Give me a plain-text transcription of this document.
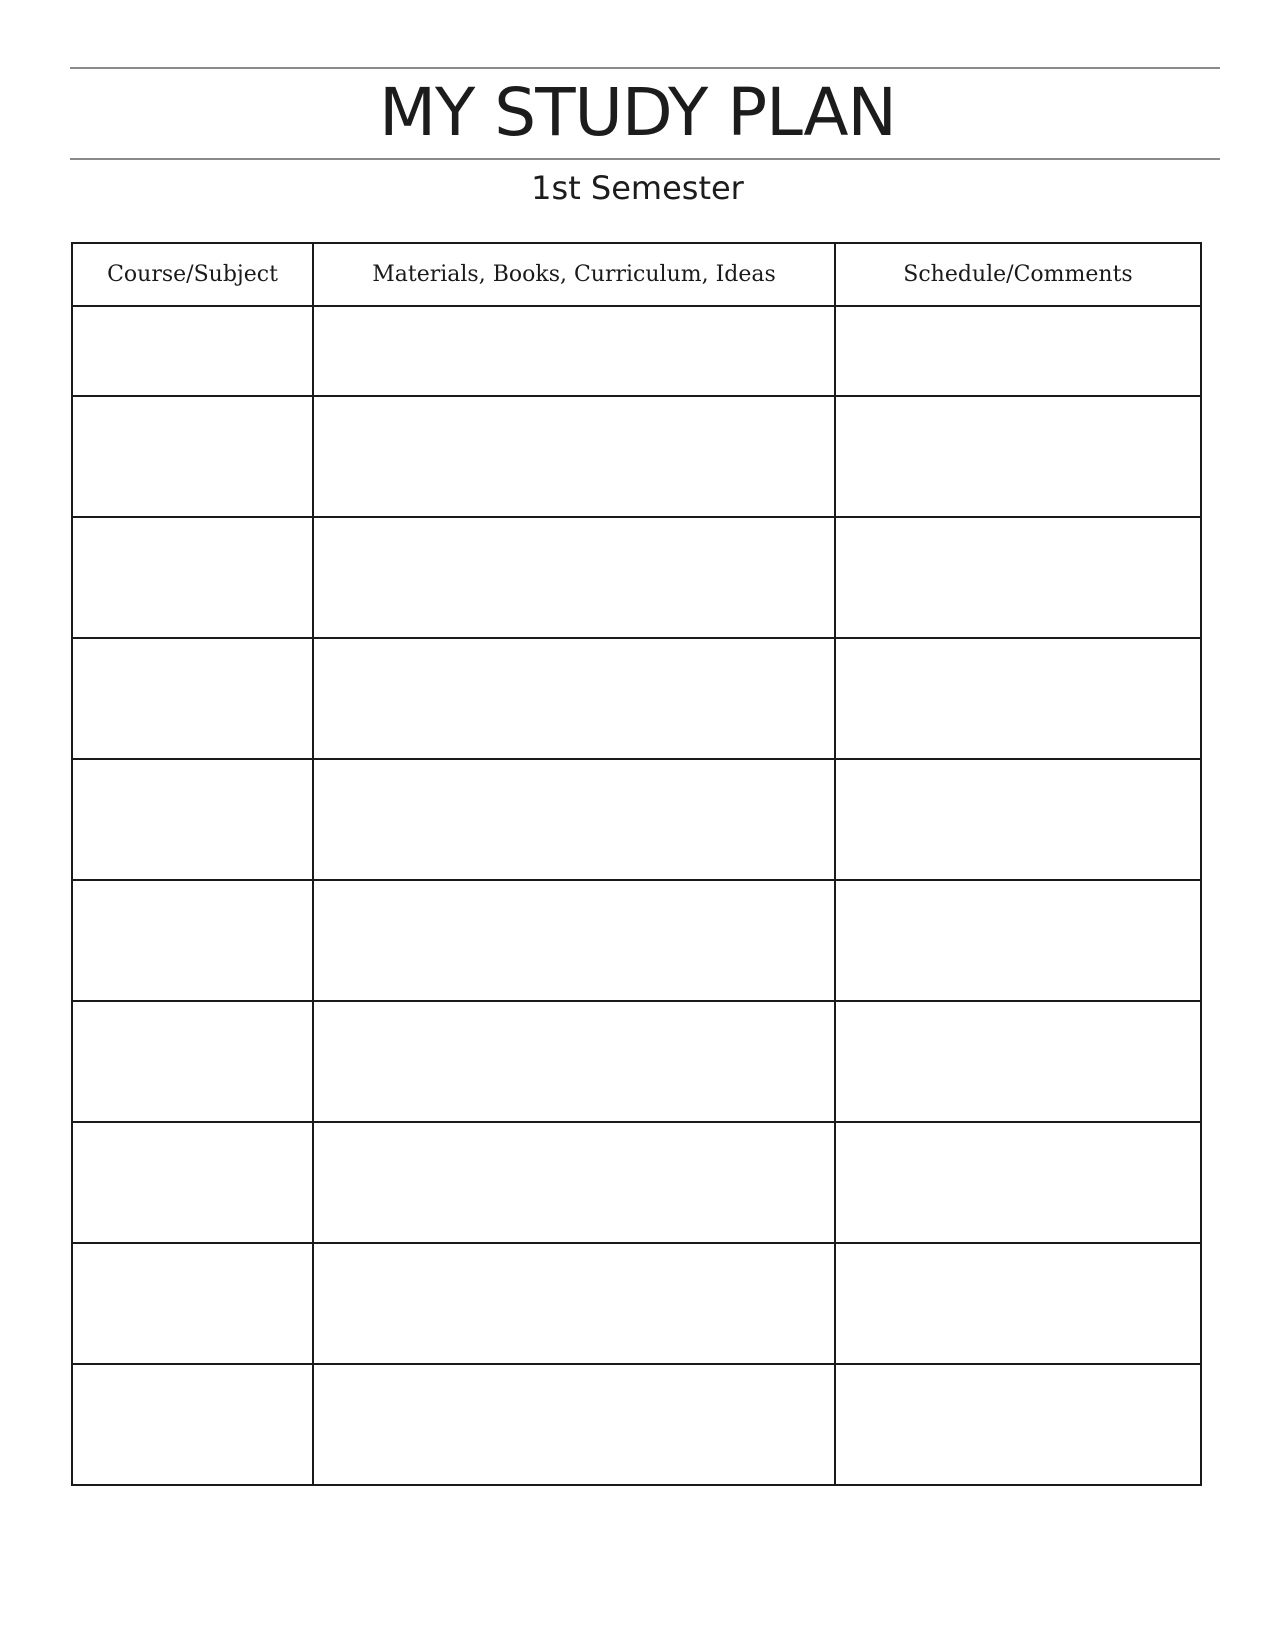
MY STUDY PLAN
1st Semester
Course/Subject	Materials, Books, Curriculum, Ideas	Schedule/Comments
